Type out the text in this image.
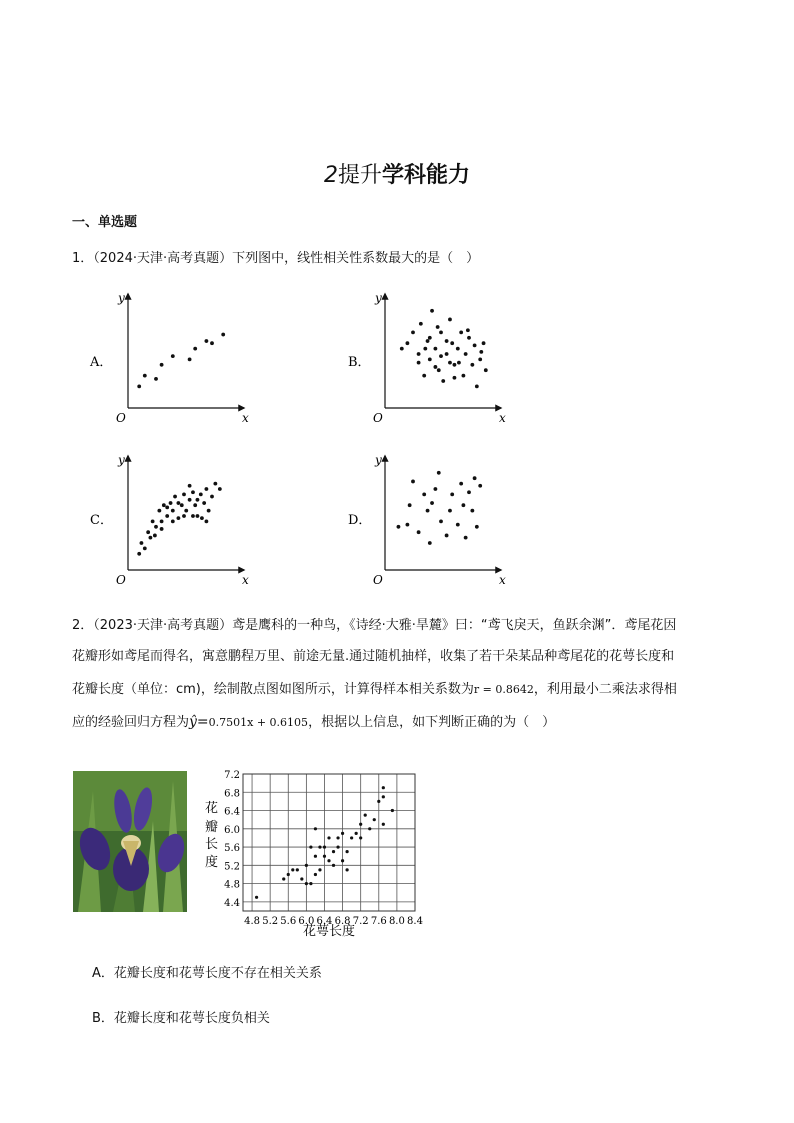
2提升学科能力
一、单选题
1．（2024·天津·高考真题）下列图中，线性相关性系数最大的是（　）
y
x
O
y
x
O
y
x
O
y
x
O
A．	B．
C．	D．
2．（2023·天津·高考真题）鸢是鹰科的一种鸟，《诗经·大雅·旱麓》曰：“鸢飞戾天，鱼跃余渊”．鸢尾花因
花瓣形如鸢尾而得名，寓意鹏程万里、前途无量.通过随机抽样，收集了若干朵某品种鸢尾花的花萼长度和
花瓣长度（单位：cm)，绘制散点图如图所示，计算得样本相关系数为r = 0.8642，利用最小二乘法求得相
应的经验回归方程为ŷ=0.7501x + 0.6105，根据以上信息，如下判断正确的为（　）
4.8 5.2 5.6 6.0 6.4 6.8 7.2 7.6 8.0 8.4
4.4
4.8
5.2
5.6
6.0
6.4
6.8
7.2
花
瓣
长
度
花萼长度
A．花瓣长度和花萼长度不存在相关关系
B．花瓣长度和花萼长度负相关
